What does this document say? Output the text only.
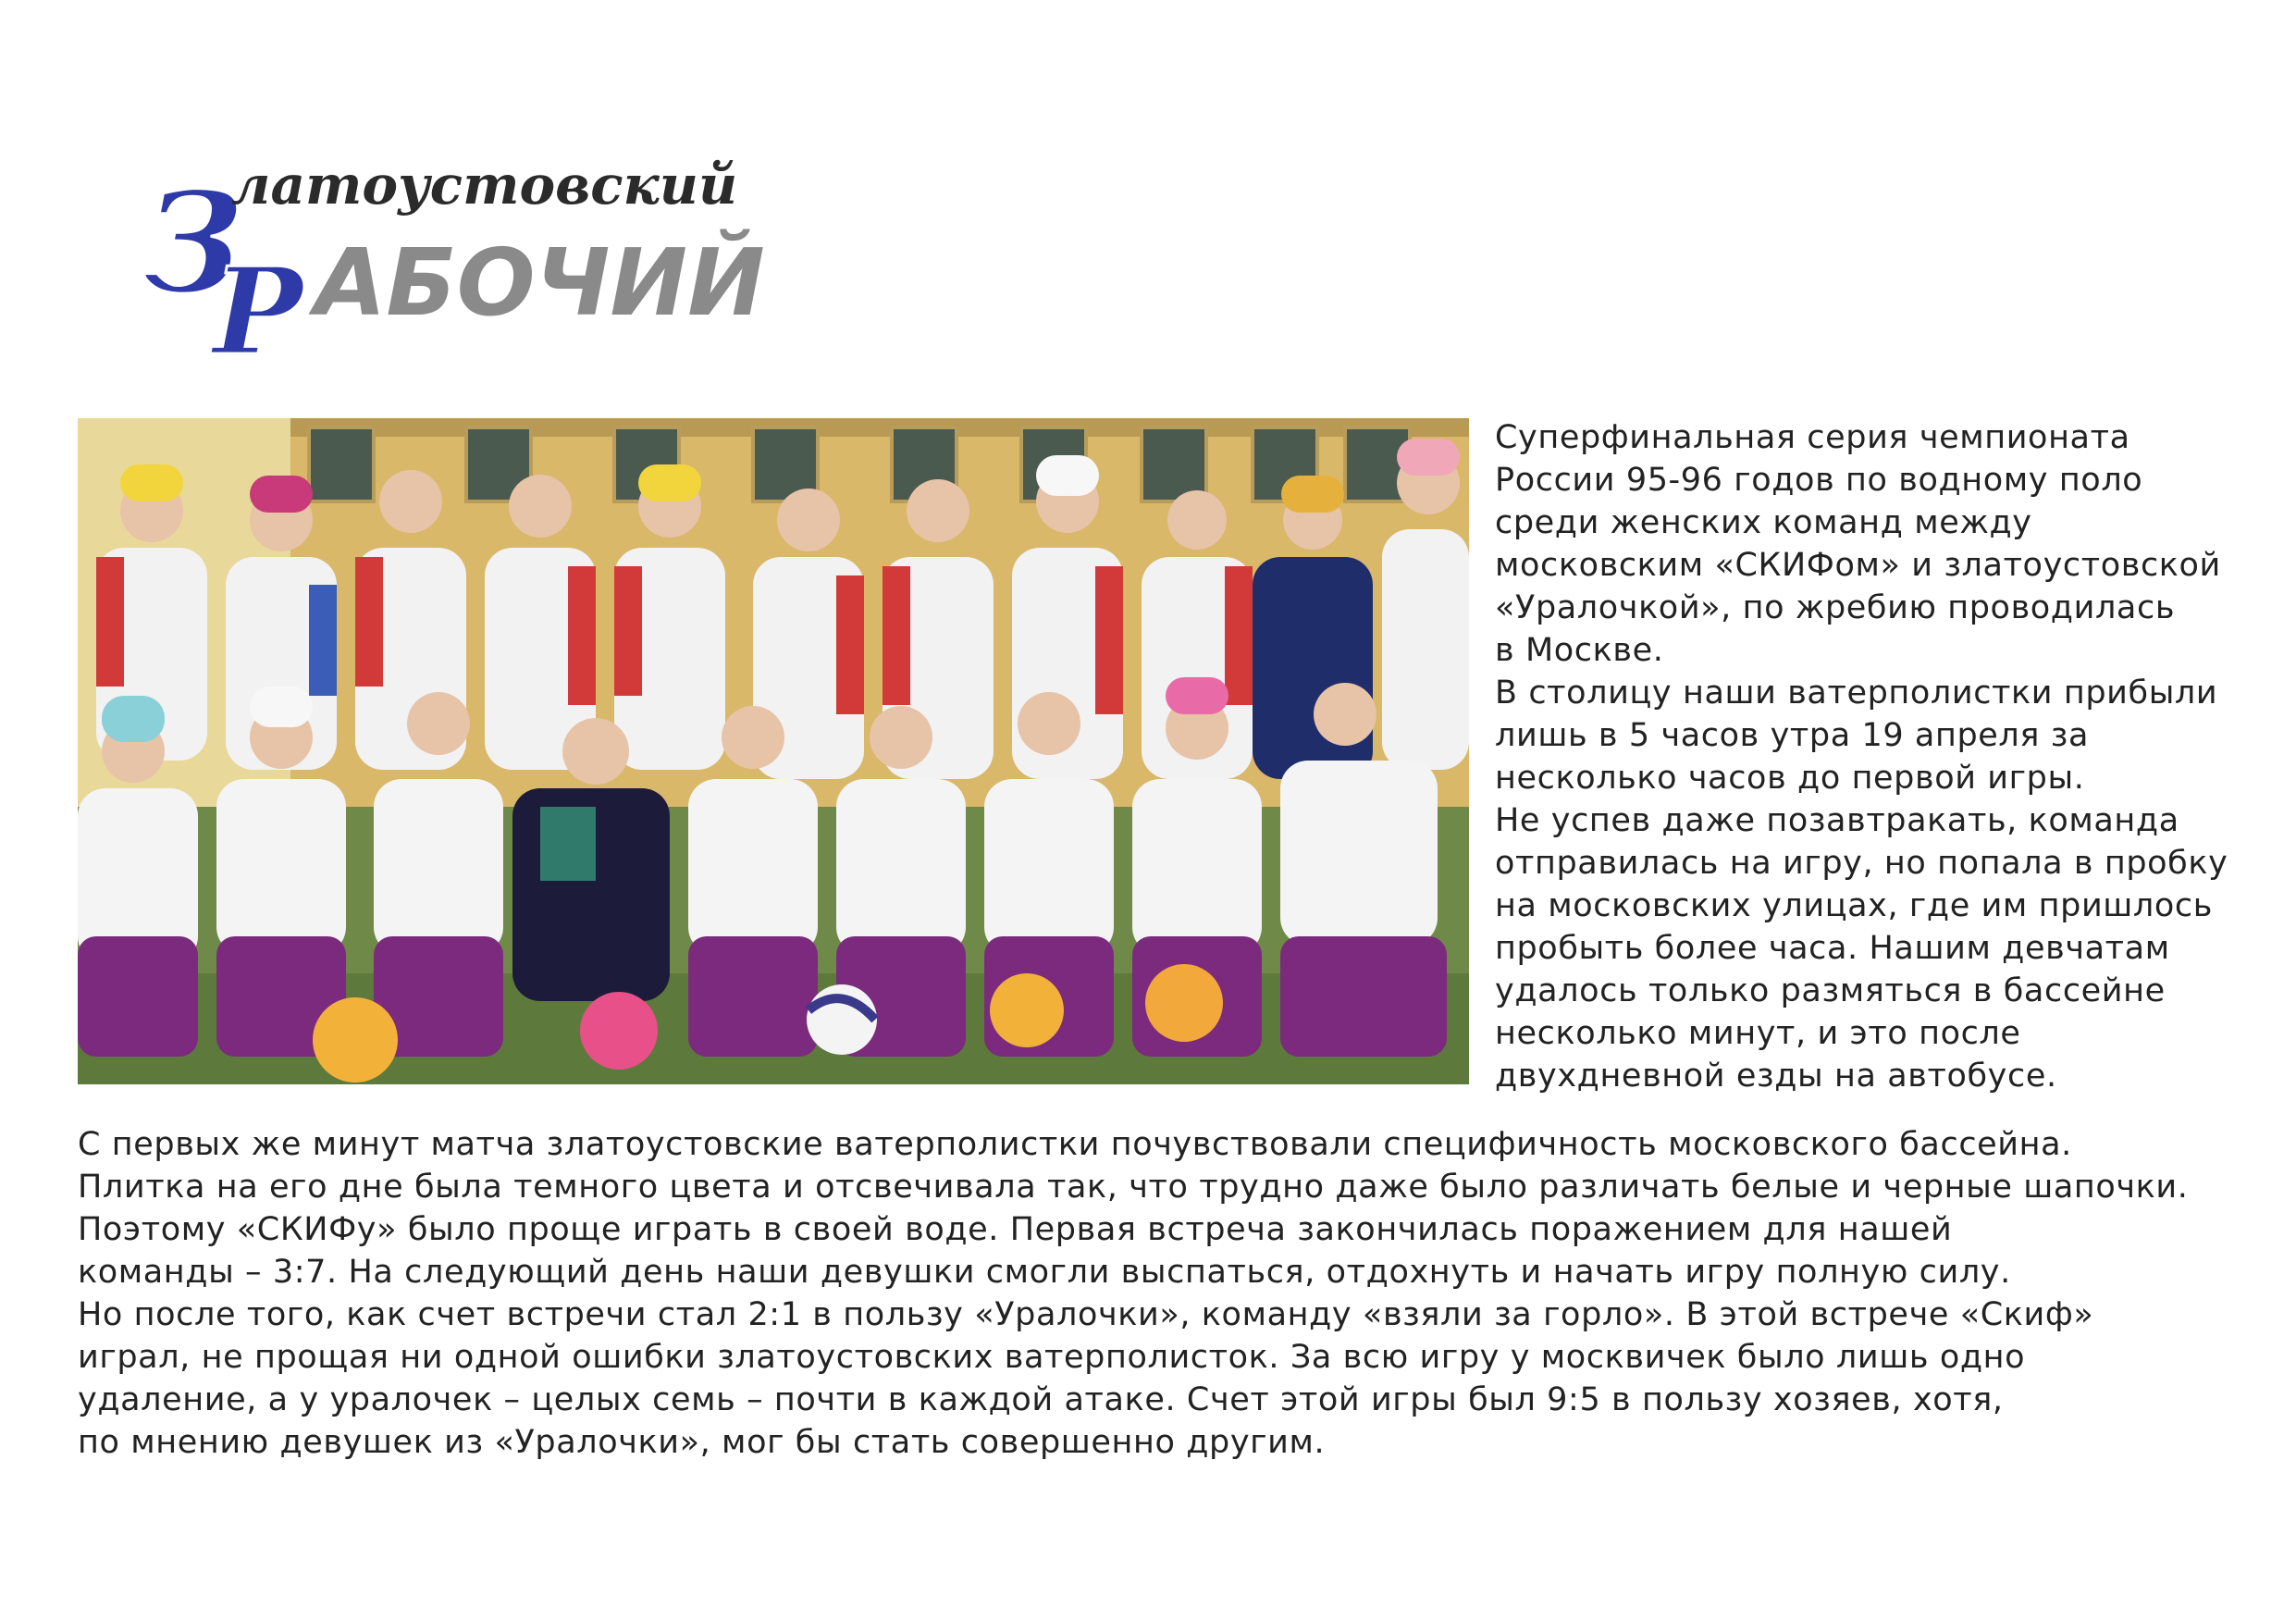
З
Р
латоустовский
АБОЧИЙ

Суперфинальная серия чемпионата

России 95-96 годов по водному поло

среди женских команд между

московским «СКИФом» и златоустовской

«Уралочкой», по жребию проводилась

в Москве.

В столицу наши ватерполистки прибыли

лишь в 5 часов утра 19 апреля за

несколько часов до первой игры.

Не успев даже позавтракать, команда

отправилась на игру, но попала в пробку

на московских улицах, где им пришлось

пробыть более часа. Нашим девчатам

удалось только размяться в бассейне

несколько минут, и это после

двухдневной езды на автобусе.

С первых же минут матча златоустовские ватерполистки почувствовали специфичность московского бассейна.

Плитка на его дне была темного цвета и отсвечивала так, что трудно даже было различать белые и черные шапочки.

Поэтому «СКИФу» было проще играть в своей воде. Первая встреча закончилась поражением для нашей

команды – 3:7. На следующий день наши девушки смогли выспаться, отдохнуть и начать игру полную силу.

Но после того, как счет встречи стал 2:1 в пользу «Уралочки», команду «взяли за горло». В этой встрече «Скиф»

играл, не прощая ни одной ошибки златоустовских ватерполисток. За всю игру у москвичек было лишь одно

удаление, а у уралочек – целых семь – почти в каждой атаке. Счет этой игры был 9:5 в пользу хозяев, хотя,

по мнению девушек из «Уралочки», мог бы стать совершенно другим.
